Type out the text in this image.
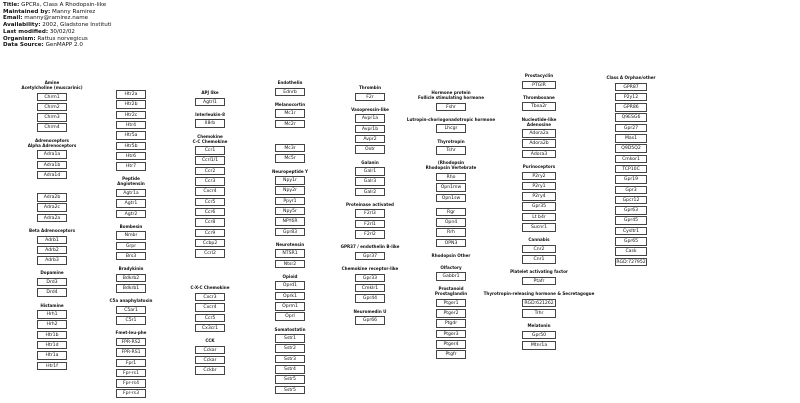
Title: GPCRs, Class A Rhodopsin-like
Maintained by: Manny Ramirez
Email: manny@ramirez.name
Availability: 2002, Gladstone Instituti
Last modified: 30/02/02
Organism: Rattus norvegicus
Data Source: GenMAPP 2.0
Amine
Acetylcholine (muscarinic)
Chrm1
Chrm2
Chrm3
Chrm4
Adrenoceptors
Alpha Adrenoceptors
Adra1a
Adra1b
Adra1d
Adra2b
Adra2c
Adra2a
Beta Adrenoceptors
Adrb1
Adrb2
Adrb3
Dopamine
Drd3
Drd4
Histamine
Hrh1
Hrh2
Htr1b
Htr1d
Htr1a
Htr1f
Htr2a
Htr2b
Htr2c
Htr4
Htr5a
Htr5b
Htr6
Htr7
Peptide
Angiotensin
Agtr1a
Agtr1
Agtr2
Bombesin
Nmbr
Grpr
Brs3
Bradykinin
Bdkrb2
Bdkrb1
C5a anaphylatoxin
C5ar1
C5r1
Fmet-leu-phe
FPR-RS2
FPR-RS1
Fpr1
Fpr-rs1
Fpr-rs4
Fpr-rs3
APJ like
Agtrl1
Interleukin-8
Il8rb
Chemokine
C-C Chemokine
Ccr1
Ccrl1/1
Ccr2
Ccr3
Cxcr4
Ccr5
Ccr6
Ccr8
Ccr9
Ccbp2
Ccrl2
C-X-C Chemokine
Cxcr3
Cxcr4
Ccr5
Cx3cr1
CCK
Cckar
Cckar
Cckbr
Endothelin
Ednrb
Melanocortin
Mc1r
Mc2r
Mc3r
Mc5r
Neuropeptide Y
Npy1r
Npy2r
Ppyr1
Npy5r
NPY6R
Gpr83
Neurotensin
NTSR1
Ntsr2
Opioid
Oprd1
Oprk1
Oprm1
Oprl
Somatostatin
Sstr1
Sstr2
Sstr3
Sstr4
Sstr5
Sstr5
Thrombin
F2r
Vasopressin-like
Avpr1a
Avpr1b
Avpr2
Oxtr
Galanin
Galr1
Galr3
Galr2
Proteinase activated
F2rl3
F2rl1
F2rl2
GPR37 / endothelin B-like
Gpr37
Chemokine receptor-like
Gpr33
Cmklr1
Gpr44
Neuromedin U
Gpr66
Hormone protein
Follicle stimulating hormone
Fshr
Lutropin-choriogonadotropic hormone
Lhcgr
Thyrotropin
Tshr
(Rhodopsin
Rhodopsin Vertebrate
Rho
Opn1mw
Opn1sw
Rgr
Opn4
Rrh
OPN3
Rhodopsin Other
Olfactory
Gabbr1
Prostanoid
Prostaglandin
Ptger1
Ptger2
Ptgdr
Ptger3
Ptger4
Ptgfr
Prostacyclin
PTGIR
Thromboxane
Tbxa2r
Nucleotide-like
Adenosine
Adora2a
Adora2b
Adora3
Purinoceptors
P2ry2
P2ry1
P2ry4
Gpr35
Lt b4r
Sucnr1
Cannabis
Cnr2
Cnr1
Platelet activating factor
Ptafr
Thyrotropin-releasing hormone & Secretagogue
RGD:621262
Trhr
Melatonin
Gpr50
Mtnr1a
Class A Orphan/other
GPR87
P2y12
GPR86
Q9ESG6
Gpr27
Mas1
Q9D5Q2
Cmkor1
TCP10C
Gpr19
Gpr3
Gpcr12
Gpr63
Gpr45
Cysltr1
Gpr65
Cask
RGD:727952
